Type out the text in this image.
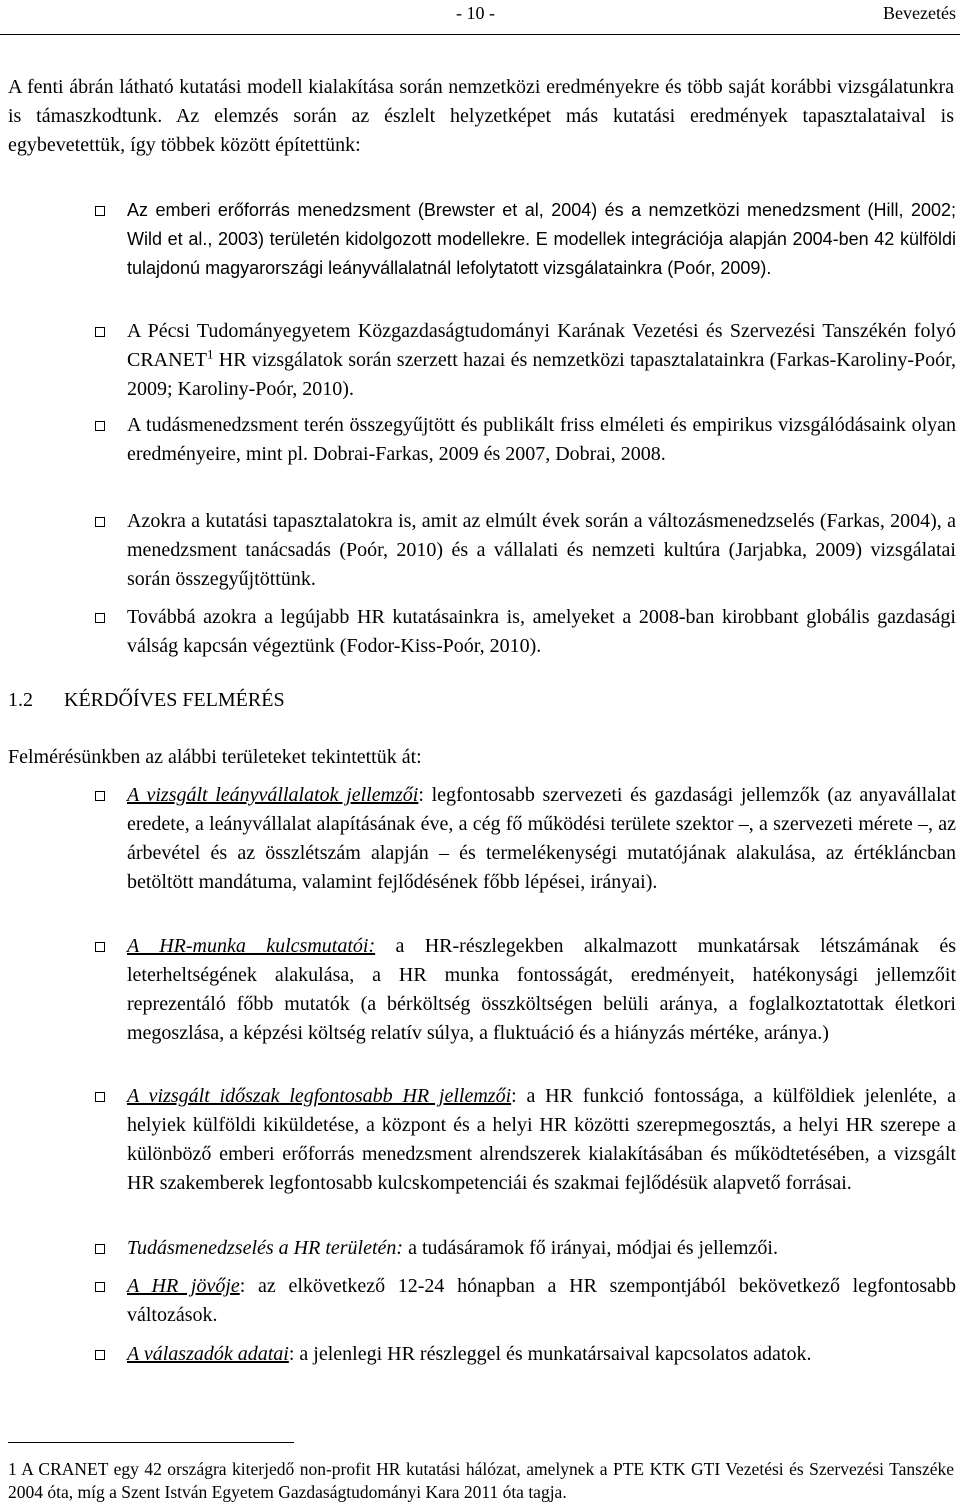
- 10 -	Bevezetés

A fenti ábrán látható kutatási modell kialakítása során nemzetközi eredményekre és több saját korábbi vizsgálatunkra is támaszkodtunk. Az elemzés során az észlelt helyzetképet más kutatási eredmények tapasztalataival is egybevetettük, így többek között építettünk:

Az emberi erőforrás menedzsment (Brewster et al, 2004) és a nemzetközi menedzsment (Hill, 2002; Wild et al., 2003) területén kidolgozott modellekre. E modellek integrációja alapján 2004-ben 42 külföldi tulajdonú magyarországi leányvállalatnál lefolytatott vizsgálatainkra (Poór, 2009).
A Pécsi Tudományegyetem Közgazdaságtudományi Karának Vezetési és Szervezési Tanszékén folyó CRANET$^1$ HR vizsgálatok során szerzett hazai és nemzetközi tapasztalatainkra (Farkas-Karoliny-Poór, 2009; Karoliny-Poór, 2010).
A tudásmenedzsment terén összegyűjtött és publikált friss elméleti és empirikus vizsgálódásaink olyan eredményeire, mint pl. Dobrai-Farkas, 2009 és 2007, Dobrai, 2008.
Azokra a kutatási tapasztalatokra is, amit az elmúlt évek során a változásmenedzselés (Farkas, 2004), a menedzsment tanácsadás (Poór, 2010) és a vállalati és nemzeti kultúra (Jarjabka, 2009) vizsgálatai során összegyűjtöttünk.
Továbbá azokra a legújabb HR kutatásainkra is, amelyeket a 2008-ban kirobbant globális gazdasági válság kapcsán végeztünk (Fodor-Kiss-Poór, 2010).
1.2 KÉRDŐÍVES FELMÉRÉS

Felmérésünkben az alábbi területeket tekintettük át:

A vizsgált leányvállalatok jellemzői: legfontosabb szervezeti és gazdasági jellemzők (az anyavállalat eredete, a leányvállalat alapításának éve, a cég fő működési területe szektor –, a szervezeti mérete –, az árbevétel és az összlétszám alapján – és termelékenységi mutatójának alakulása, az értékláncban betöltött mandátuma, valamint fejlődésének főbb lépései, irányai).
A HR-munka kulcsmutatói: a HR-részlegekben alkalmazott munkatársak létszámának és leterheltségének alakulása, a HR munka fontosságát, eredményeit, hatékonysági jellemzőit reprezentáló főbb mutatók (a bérköltség összköltségen belüli aránya, a foglalkoztatottak életkori megoszlása, a képzési költség relatív súlya, a fluktuáció és a hiányzás mértéke, aránya.)
A vizsgált időszak legfontosabb HR jellemzői: a HR funkció fontossága, a külföldiek jelenléte, a helyiek külföldi kiküldetése, a központ és a helyi HR közötti szerepmegosztás, a helyi HR szerepe a különböző emberi erőforrás menedzsment alrendszerek kialakításában és működtetésében, a vizsgált HR szakemberek legfontosabb kulcskompetenciái és szakmai fejlődésük alapvető forrásai.
Tudásmenedzselés a HR területén: a tudásáramok fő irányai, módjai és jellemzői.
A HR jövője: az elkövetkező 12-24 hónapban a HR szempontjából bekövetkező legfontosabb változások.
A válaszadók adatai: a jelenlegi HR részleggel és munkatársaival kapcsolatos adatok.
1 A CRANET egy 42 országra kiterjedő non-profit HR kutatási hálózat, amelynek a PTE KTK GTI Vezetési és Szervezési Tanszéke 2004 óta, míg a Szent István Egyetem Gazdaságtudományi Kara 2011 óta tagja.
